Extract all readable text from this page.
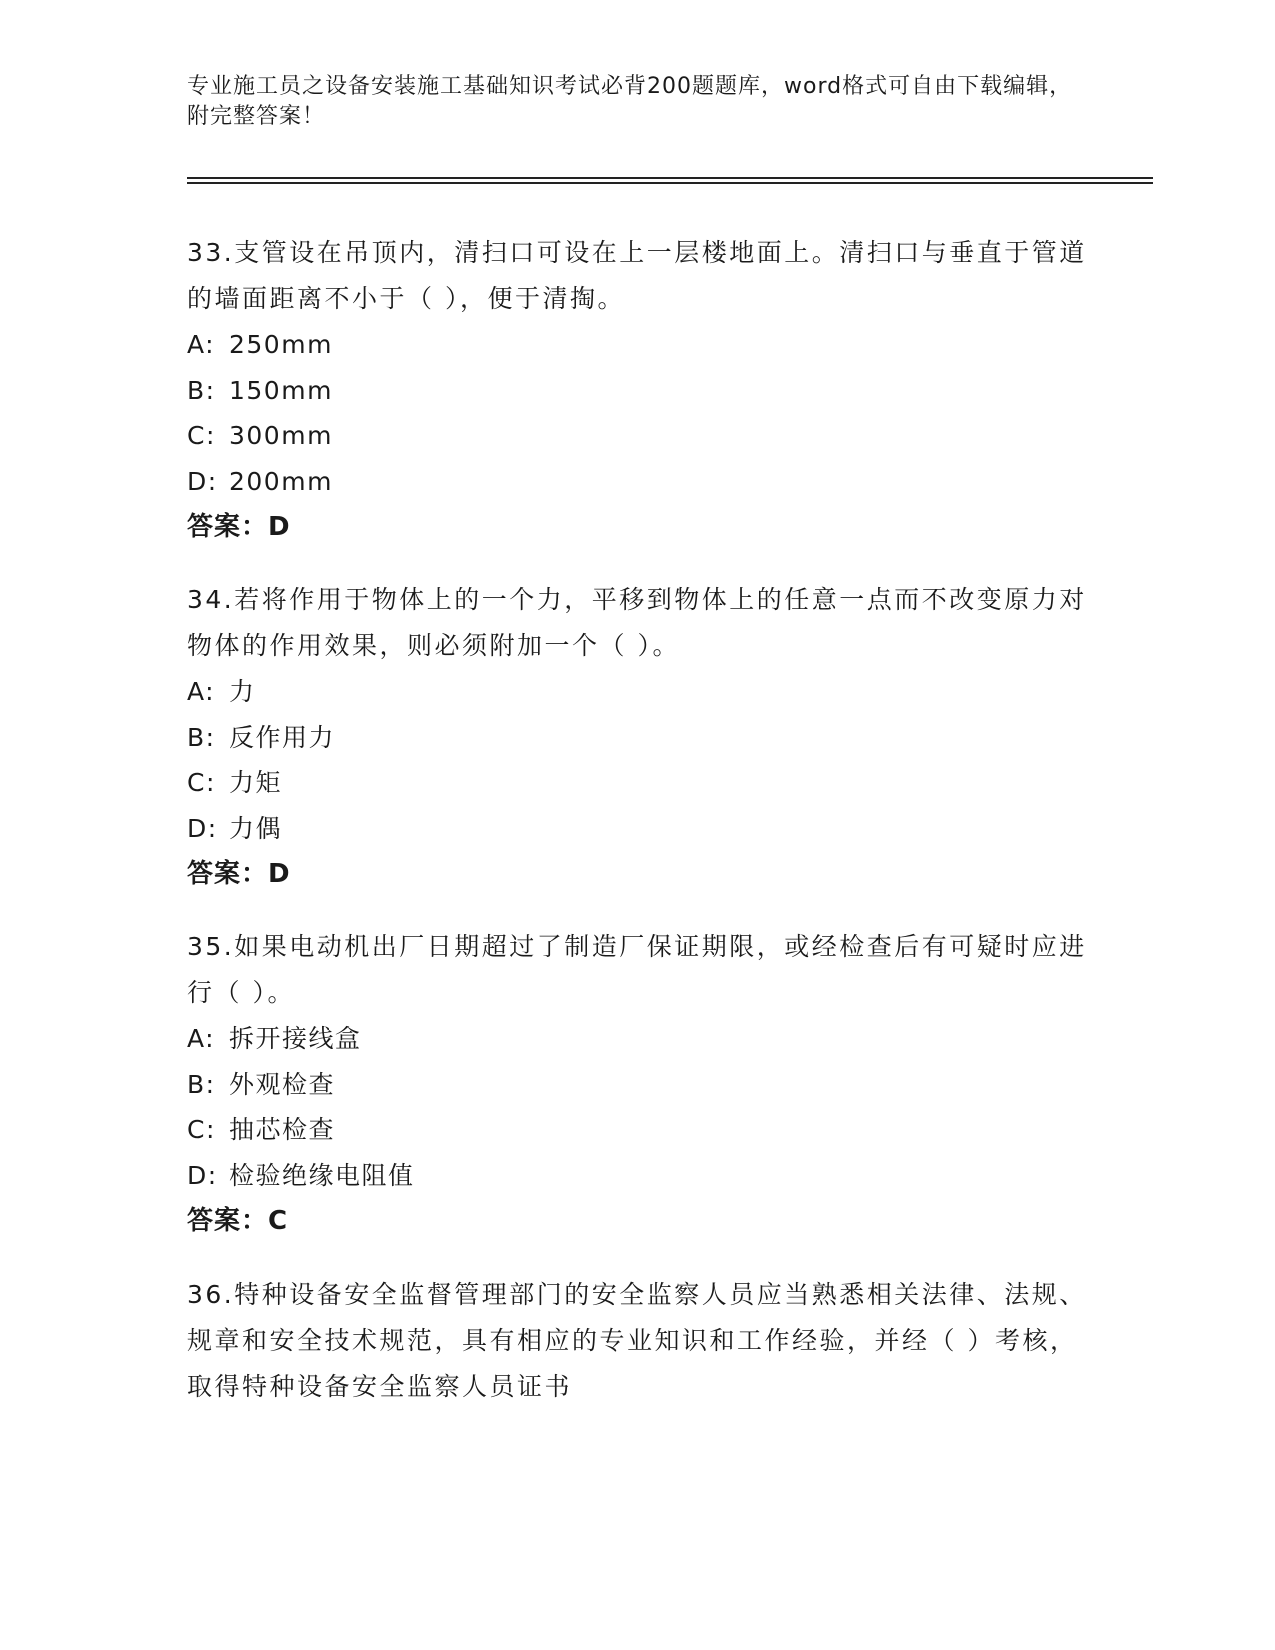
专业施工员之设备安装施工基础知识考试必背200题题库，word格式可自由下载编辑，附完整答案！
33.支管设在吊顶内，清扫口可设在上一层楼地面上。清扫口与垂直于管道的墙面距离不小于（ ），便于清掏。
A: 250mm
B: 150mm
C: 300mm
D: 200mm
答案：D
34.若将作用于物体上的一个力，平移到物体上的任意一点而不改变原力对物体的作用效果，则必须附加一个（ ）。
A: 力
B: 反作用力
C: 力矩
D: 力偶
答案：D
35.如果电动机出厂日期超过了制造厂保证期限，或经检查后有可疑时应进行（ ）。
A: 拆开接线盒
B: 外观检查
C: 抽芯检查
D: 检验绝缘电阻值
答案：C
36.特种设备安全监督管理部门的安全监察人员应当熟悉相关法律、法规、规章和安全技术规范，具有相应的专业知识和工作经验，并经（ ）考核，取得特种设备安全监察人员证书
